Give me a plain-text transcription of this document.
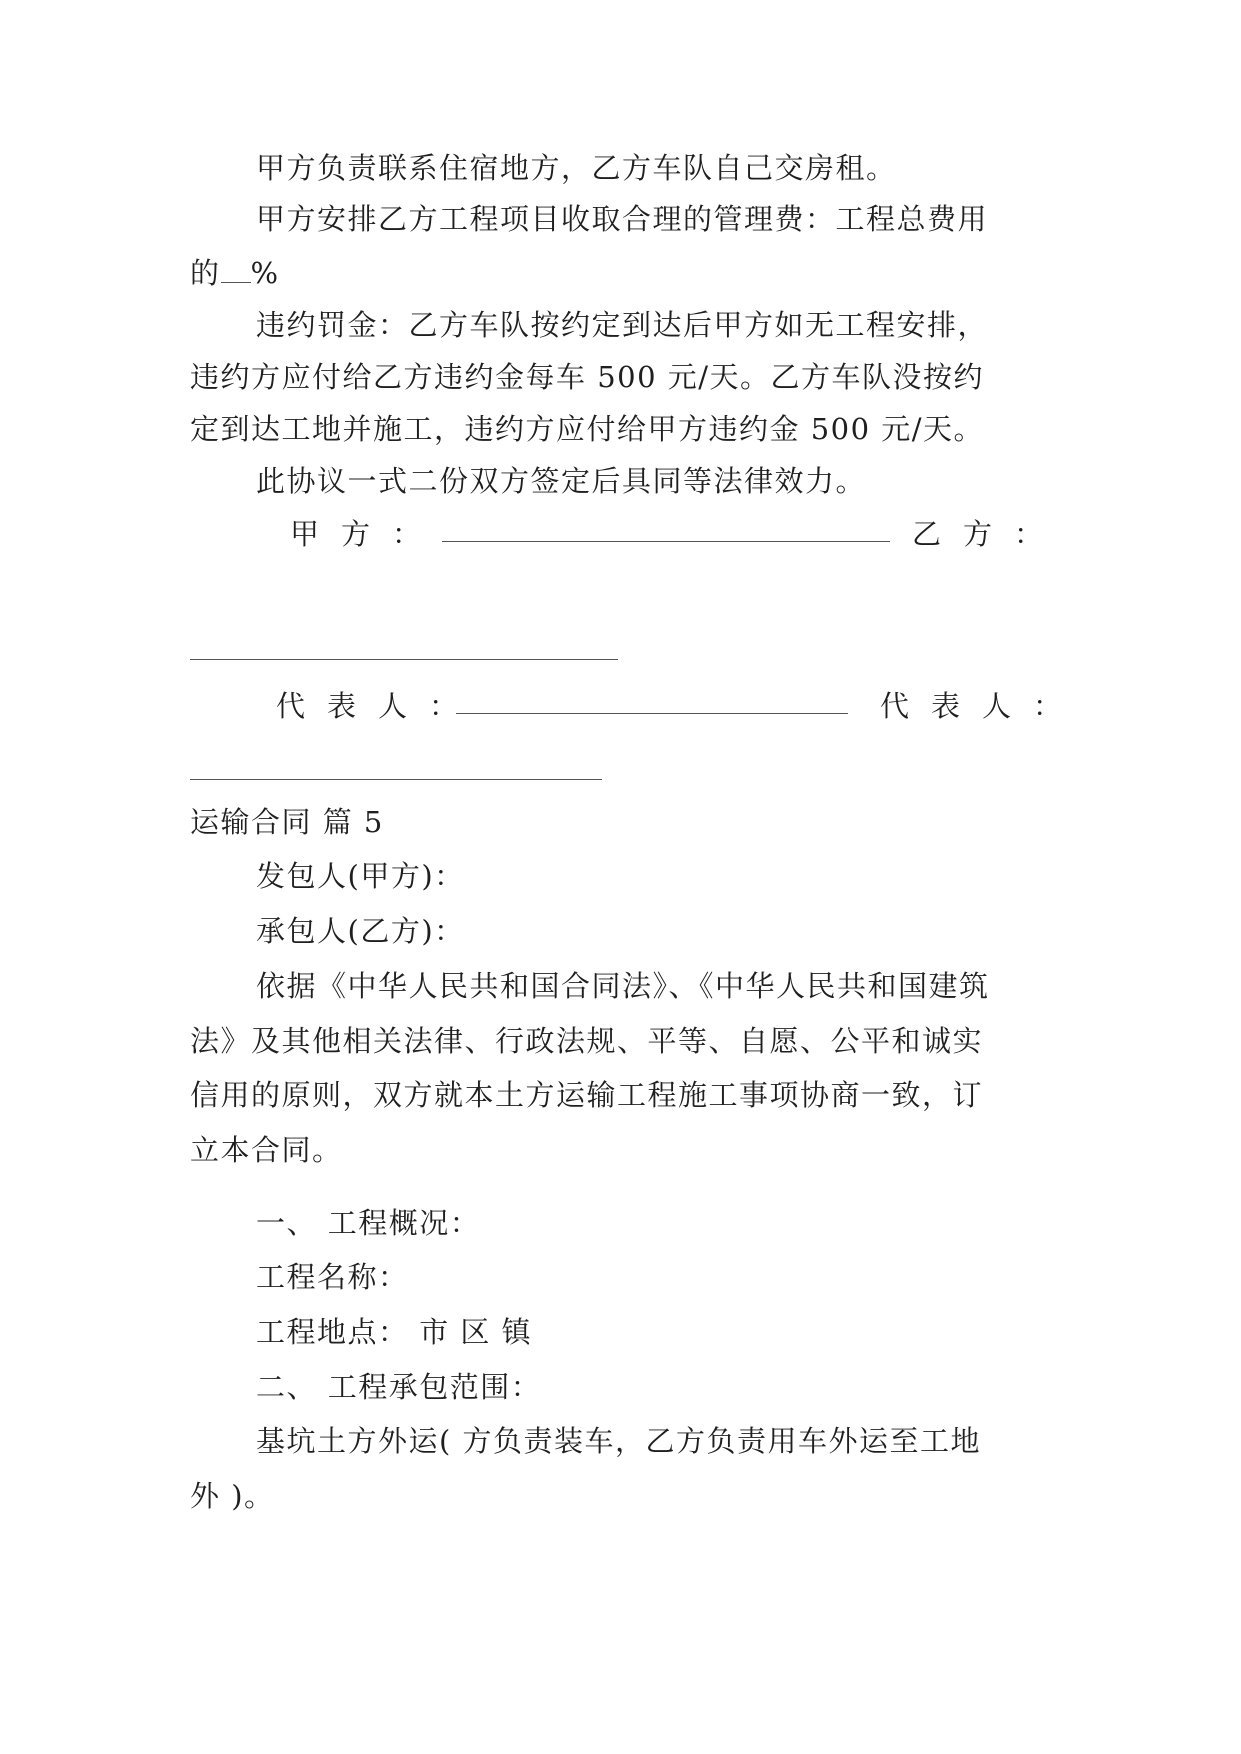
甲方负责联系住宿地方，乙方车队自己交房租。
甲方安排乙方工程项目收取合理的管理费：工程总费用
的 %
违约罚金：乙方车队按约定到达后甲方如无工程安排，
违约方应付给乙方违约金每车 500 元/天。乙方车队没按约
定到达工地并施工，违约方应付给甲方违约金 500 元/天。
此协议一式二份双方签定后具同等法律效力。
甲方：	乙方：
代表人：	代表人：
运输合同 篇 5
发包人(甲方)：
承包人(乙方)：
依据《中华人民共和国合同法》、《中华人民共和国建筑
法》及其他相关法律、行政法规、平等、自愿、公平和诚实
信用的原则，双方就本土方运输工程施工事项协商一致，订
立本合同。
一、 工程概况：
工程名称：
工程地点： 市 区 镇
二、 工程承包范围：
基坑土方外运( 方负责装车，乙方负责用车外运至工地
外 )。
